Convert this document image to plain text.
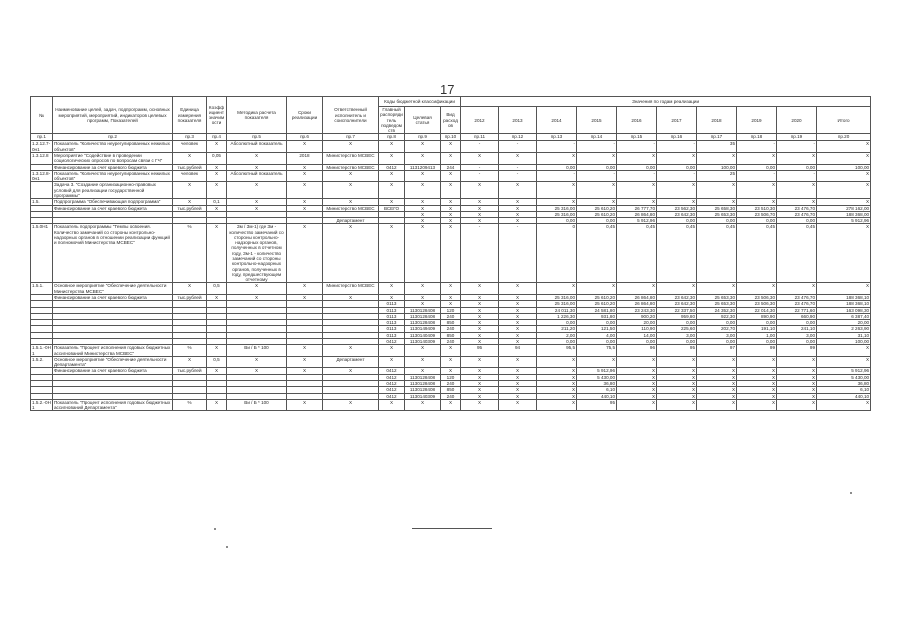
17
№	Наименование целей, задач, подпрограмм, основных мероприятий, мероприятий, индикаторов целевых программ, Показателей	Единица измерения показателя	Коэффициент значимости	Методика расчета показателя	Сроки реализации	Ответственный исполнитель и соисполнители	Коды бюджетной классификации			Значения по годам реализации									
							Главный распорядитель подведомств	Целевая статья	Вид расходов	2012	2013	2014	2015	2016	2017	2018	2019	2020	Итого
пр.1	пр.2	пр.3	пр.4	пр.5	пр.6	пр.7	пр.8	пр.9	пр.10	пр.11	пр.12	пр.13	пр.14	пр.15	пр.16	пр.17	пр.18	пр.19	пр.20
1.2.12.7-0н1	Показатель "Количество неурегулированных нежилых объектов"	человек	X	Абсолютный показатель	X	X	X	X	X	-	-	-	-	-	-	35	-	-	X
1.3.12.8	Мероприятие "Содействие в проведении социологических опросов по вопросам связи с ГЧ"	X	0,05	X	2018	Министерство МСВЕС	X	X	X	X	X	X	X	X	X	X	X	X	X
	Финансирование за счет краевого бюджета	тыс.рублей	X	X	X	Министерство МСВЕС	0412	1131209413	244	-	-	0,00	0,00	0,00	0,00	100,00	0,00	0,00	100,00
1.3.12.8-0н1	Показатель "Количество неурегулированных нежилых объектов"	человек	X	Абсолютный показатель	X	X	X	X	X	-	-	-	-	-	-	25	-	-	X
	Задача 3. "Создание организационно-правовых условий для реализации государственной программы"	X	X	X	X	X	X	X	X	X	X	X	X	X	X	X	X	X	X
1.5.	Подпрограмма "Обеспечивающая подпрограмма"	X	0,1	X	X	X	X	X	X	X	X	X	X	X	X	X	X	X	X
	Финансирование за счет краевого бюджета	тыс.рублей	X	X	X	Министерство МСВЕС	ВСЕГО	X	X	X	X	25 316,00	25 610,20	26 777,70	23 562,30	25 658,30	23 510,30	23 476,70	278 162,00
								X	X	X	X	25 316,00	25 610,20	26 864,80	23 642,30	25 653,30	23 506,70	23 476,70	188 368,00
						Департамент		X	X	X	X	0,00	0,00	5 912,96	0,00	0,00	0,00	0,00	5 912,96
1.5.0Н1	Показатель подпрограммы "Темпы освоения. Количество замечаний со стороны контрольно-надзорных органов в отношении реализации функций и полномочий Министерства МСВЕС"	%	X	Зм / Зм-1) где Зм - количество замечаний со стороны контрольно-надзорных органов, полученных в отчетном году, Зм-1 - количество замечаний со стороны контрольно-надзорных органов, полученных в году, предшествующем отчетному	X	X	X	X	X	-	-	0	0,45	0,45	0,45	0,45	0,45	0,45	X
1.5.1.	Основное мероприятие "Обеспечение деятельности Министерства МСВЕС"	X	0,5	X	X	Министерство МСВЕС	X	X	X	X	X	X	X	X	X	X	X	X	X
	Финансирование за счет краевого бюджета	тыс.рублей	X	X	X	X	X	X	X	X	X	25 316,00	25 610,20	26 864,80	23 642,30	25 653,30	23 506,30	23 476,70	188 368,10
							0113	X	X	X	X	25 316,00	25 610,20	26 864,80	23 642,30	25 653,30	23 506,30	23 476,70	188 368,10
							0113	1130128408	120	X	X	24 011,30	24 581,80	23 243,30	22 337,50	24 352,30	22 014,30	22 771,60	163 098,30
							0113	1130128408	240	X	X	1 226,30	931,80	900,20	959,80	922,30	890,90	660,90	6 387,40
							0113	1130128408	850	X	X	0,00	0,00	20,00	0,00	0,00	0,00	0,00	20,00
							0113	1130149409	240	X	X	211,20	121,50	110,90	225,60	202,70	191,10	241,10	2 263,90
							0113	1130140409	850	X	X	2,00	4,00	14,00	3,00	3,00	1,00	3,00	31,10
							0412	1130140309	240	X	X	0,00	0,00	0,00	0,00	0,00	0,00	0,00	100,00
1.5.1.-0Н1	Показатель "Процент исполнения годовых бюджетных ассигнований Министерства МСВЕС"	%	X	Ви / Б * 100	X	X	X	X	X	95	94	95,5	75,5	96	95	97	99	99	X
1.5.2.	Основное мероприятие "Обеспечение деятельности Департамента"	X	0,5	X	X	Департамент	X	X	X	X	X	X	X	X	X	X	X	X	X
	Финансирование за счет краевого бюджета	тыс.рублей	X	X	X	X	0412	X	X	X	X	X	5 912,96	X	X	X	X	X	5 912,96
							0412	1130128408	120	X	X	X	5 430,00	X	X	X	X	X	5 430,00
							0412	1130128408	240	X	X	X	36,80	X	X	X	X	X	36,80
							0412	1130128408	850	X	X	X	6,10	X	X	X	X	X	6,10
							0412	1130140309	240	X	X	X	440,10	X	X	X	X	X	440,10
1.5.2.-0Н1	Показатель "Процент исполнения годовых бюджетных ассигнований Департамента"	%	X	Ви / Б * 100	X	X	X	X	X	X	X	X	95	X	X	X	X	X	X
